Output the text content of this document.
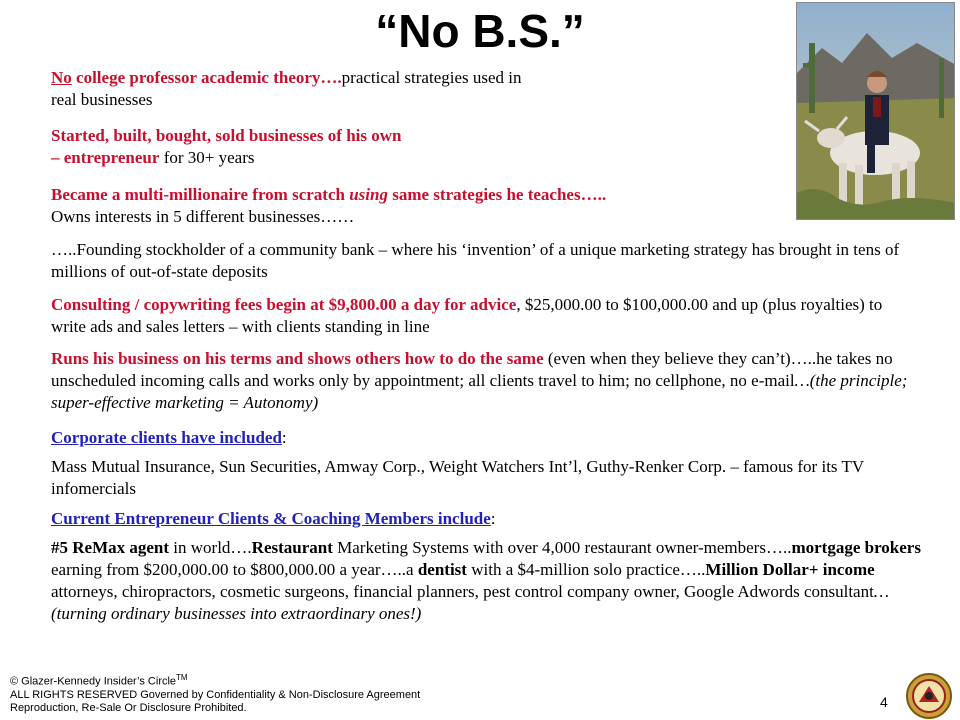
“No B.S.”
No college professor academic theory….practical strategies used in
real businesses
Started, built, bought, sold businesses of his own
– entrepreneur for 30+ years
Became a multi-millionaire from scratch using same strategies he teaches…..
Owns interests in 5 different businesses……
…..Founding stockholder of a community bank – where his ‘invention’ of a unique marketing strategy has brought in tens of millions of out-of-state deposits
Consulting / copywriting fees begin at $9,800.00 a day for advice, $25,000.00 to $100,000.00 and up (plus royalties) to write ads and sales letters – with clients standing in line
Runs his business on his terms and shows others how to do the same (even when they believe they can’t)…..he takes no unscheduled incoming calls and works only by appointment; all clients travel to him; no cellphone, no e-mail…(the principle; super-effective marketing = Autonomy)
Corporate clients have included:
Mass Mutual Insurance, Sun Securities, Amway Corp., Weight Watchers Int’l, Guthy-Renker Corp. – famous for its TV infomercials
Current Entrepreneur Clients & Coaching Members include:
#5 ReMax agent in world….Restaurant Marketing Systems with over 4,000 restaurant owner-members…..mortgage brokers earning from $200,000.00 to $800,000.00 a year…..a dentist with a $4-million solo practice…..Million Dollar+ income attorneys, chiropractors, cosmetic surgeons, financial planners, pest control company owner, Google Adwords consultant…(turning ordinary businesses into extraordinary ones!)
© Glazer-Kennedy Insider’s Circle™
ALL RIGHTS RESERVED Governed by Confidentiality & Non-Disclosure Agreement
Reproduction, Re-Sale Or Disclosure Prohibited.	4
